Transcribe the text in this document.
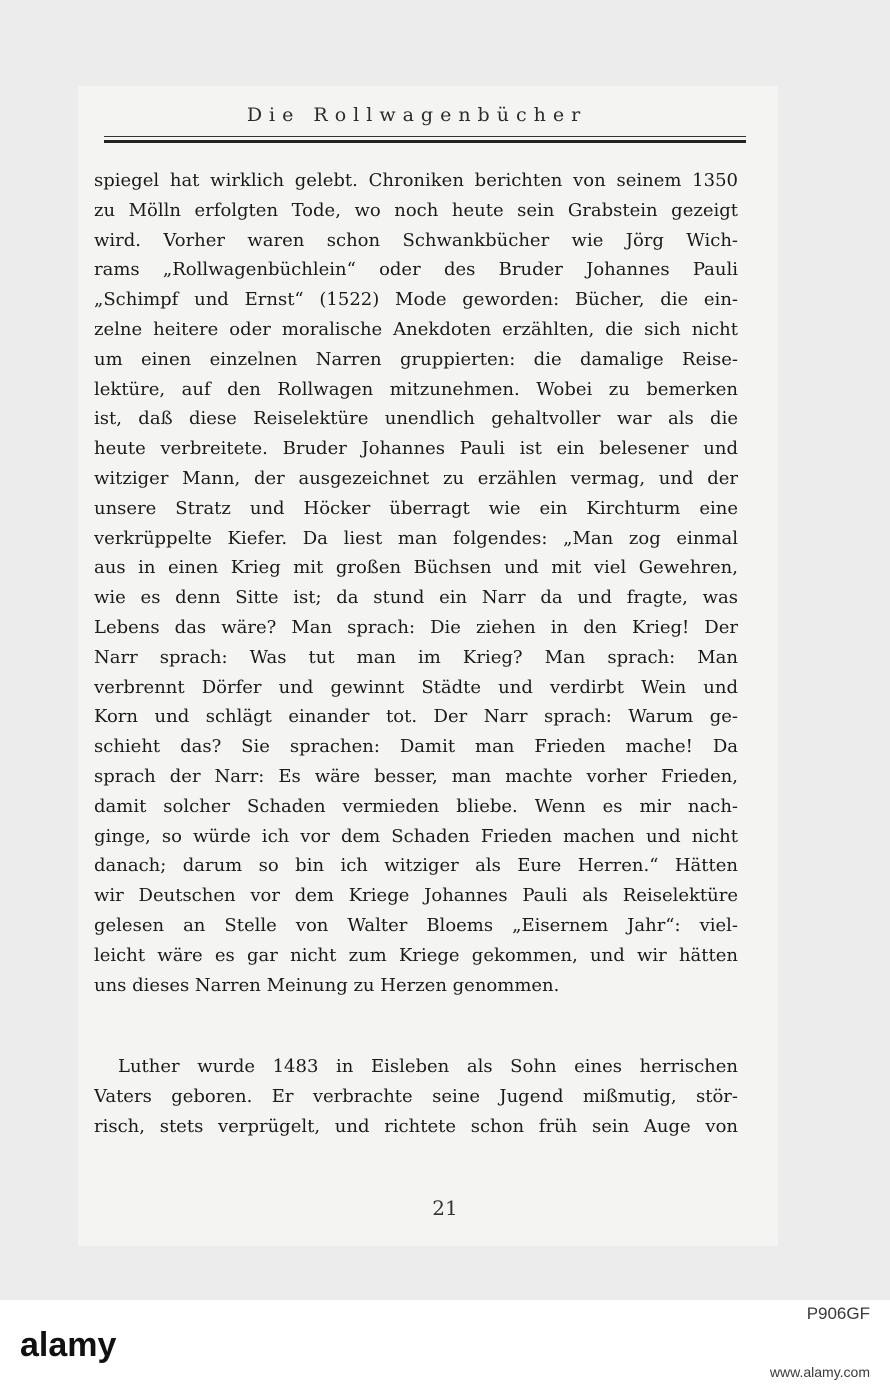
Die Rollwagenbücher
spiegel hat wirklich gelebt. Chroniken berichten von seinem 1350
zu Mölln erfolgten Tode, wo noch heute sein Grabstein gezeigt
wird. Vorher waren schon Schwankbücher wie Jörg Wich-
rams „Rollwagenbüchlein“ oder des Bruder Johannes Pauli
„Schimpf und Ernst“ (1522) Mode geworden: Bücher, die ein-
zelne heitere oder moralische Anekdoten erzählten, die sich nicht
um einen einzelnen Narren gruppierten: die damalige Reise-
lektüre, auf den Rollwagen mitzunehmen. Wobei zu bemerken
ist, daß diese Reiselektüre unendlich gehaltvoller war als die
heute verbreitete. Bruder Johannes Pauli ist ein belesener und
witziger Mann, der ausgezeichnet zu erzählen vermag, und der
unsere Stratz und Höcker überragt wie ein Kirchturm eine
verkrüppelte Kiefer. Da liest man folgendes: „Man zog einmal
aus in einen Krieg mit großen Büchsen und mit viel Gewehren,
wie es denn Sitte ist; da stund ein Narr da und fragte, was
Lebens das wäre? Man sprach: Die ziehen in den Krieg! Der
Narr sprach: Was tut man im Krieg? Man sprach: Man
verbrennt Dörfer und gewinnt Städte und verdirbt Wein und
Korn und schlägt einander tot. Der Narr sprach: Warum ge-
schieht das? Sie sprachen: Damit man Frieden mache! Da
sprach der Narr: Es wäre besser, man machte vorher Frieden,
damit solcher Schaden vermieden bliebe. Wenn es mir nach-
ginge, so würde ich vor dem Schaden Frieden machen und nicht
danach; darum so bin ich witziger als Eure Herren.“ Hätten
wir Deutschen vor dem Kriege Johannes Pauli als Reiselektüre
gelesen an Stelle von Walter Bloems „Eisernem Jahr“: viel-
leicht wäre es gar nicht zum Kriege gekommen, und wir hätten
uns dieses Narren Meinung zu Herzen genommen.
Luther wurde 1483 in Eisleben als Sohn eines herrischen
Vaters geboren. Er verbrachte seine Jugend mißmutig, stör-
risch, stets verprügelt, und richtete schon früh sein Auge von
21
alamy
P906GF
www.alamy.com
